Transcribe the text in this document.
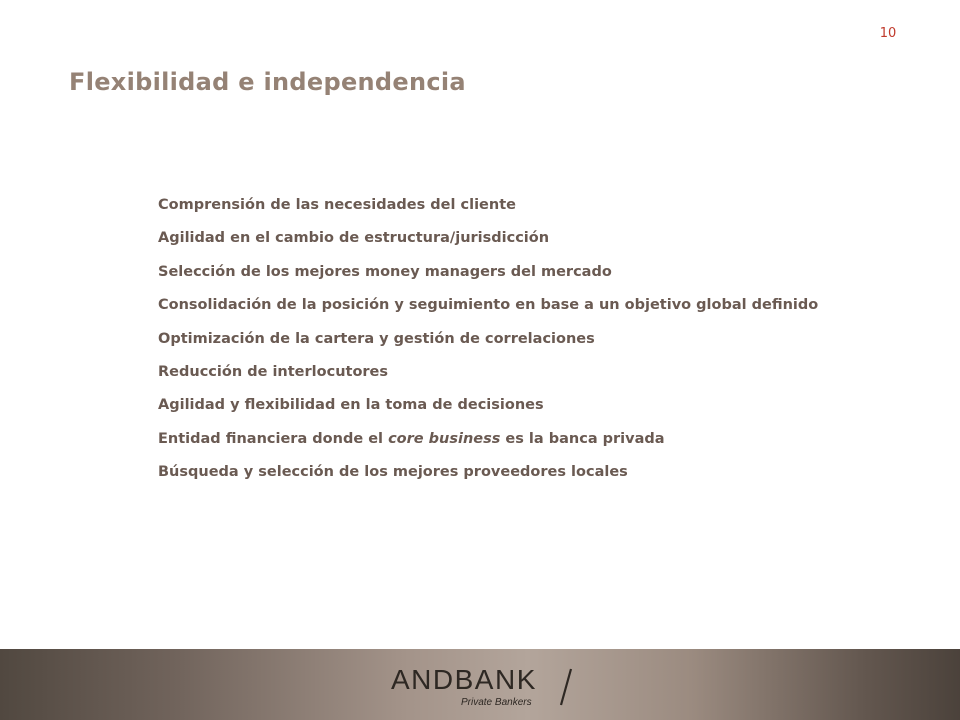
10
Flexibilidad e independencia
Comprensión de las necesidades del cliente
Agilidad en el cambio de estructura/jurisdicción
Selección de los mejores money managers del mercado
Consolidación de la posición y seguimiento en base a un objetivo global definido
Optimización de la cartera y gestión de correlaciones
Reducción de interlocutores
Agilidad y flexibilidad en la toma de decisiones
Entidad financiera donde el core business es la banca privada
Búsqueda y selección de los mejores proveedores locales
ANDBANK
Private Bankers
